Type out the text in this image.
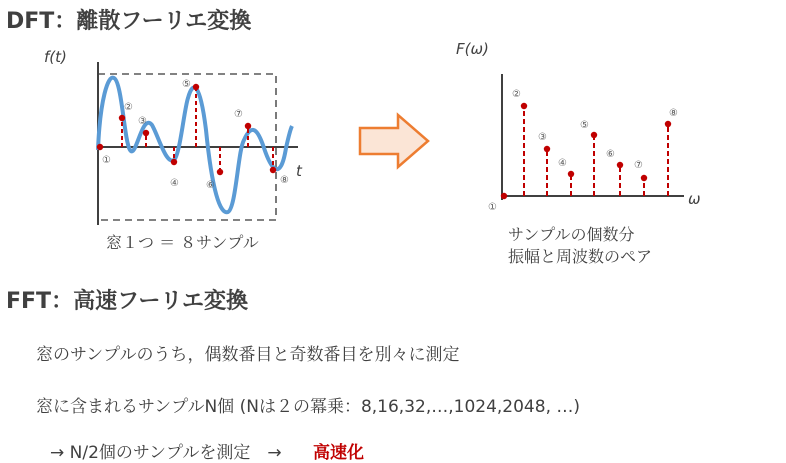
DFT：離散フーリエ変換
f(t)
t
①
②
③
④
⑤
⑥
⑦
⑧
窓１つ ＝ ８サンプル
F(ω)
ω
①
②
③
④
⑤
⑥
⑦
⑧
サンプルの個数分
振幅と周波数のペア
FFT：高速フーリエ変換
窓のサンプルのうち，偶数番目と奇数番目を別々に測定
窓に含まれるサンプルN個 (Nは２の冪乗：8,16,32,…,1024,2048, …)
→ N/2個のサンプルを測定　→ 高速化
